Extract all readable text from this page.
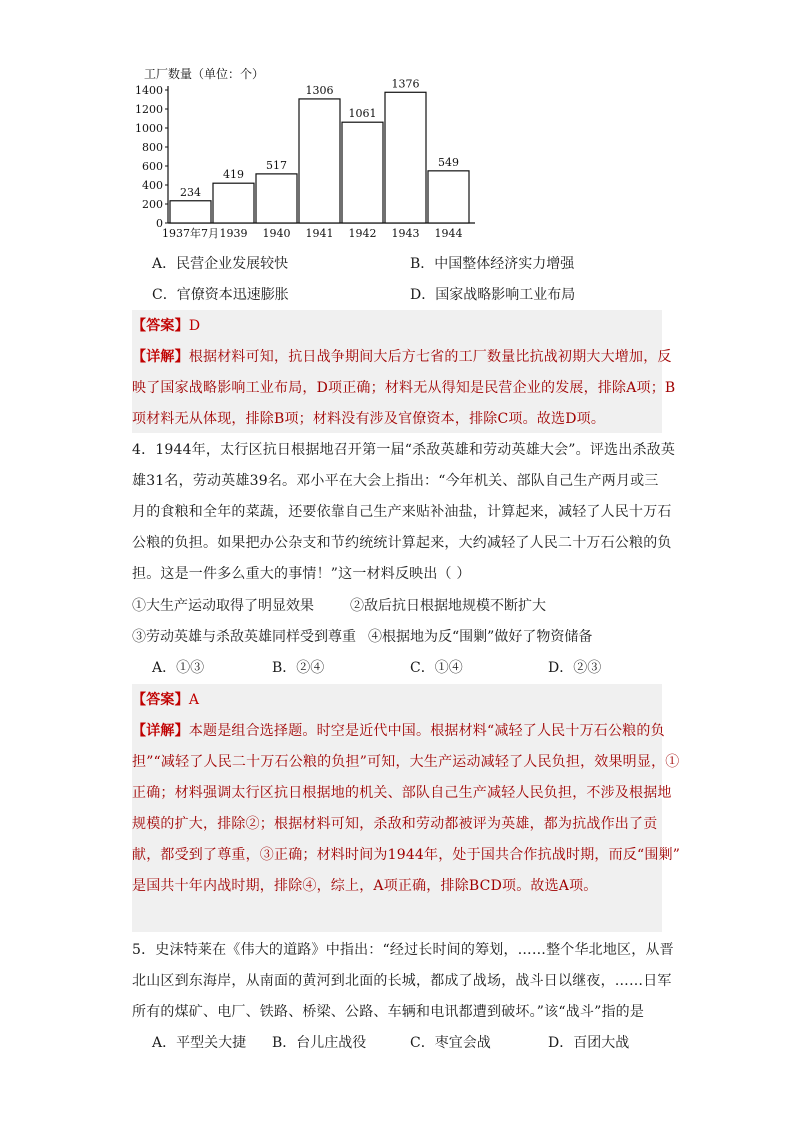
工厂数量（单位：个）
0
200
400
600
800
1000
1200
1400
234
1937年7月
419
1939
517
1940
1306
1941
1061
1942
1376
1943
549
1944
A．民营企业发展较快	B．中国整体经济实力增强
C．官僚资本迅速膨胀	D．国家战略影响工业布局
【答案】D
【详解】根据材料可知，抗日战争期间大后方七省的工厂数量比抗战初期大大增加，反
映了国家战略影响工业布局，D项正确；材料无从得知是民营企业的发展，排除A项；B
项材料无从体现，排除B项；材料没有涉及官僚资本，排除C项。故选D项。
4．1944年，太行区抗日根据地召开第一届“杀敌英雄和劳动英雄大会”。评选出杀敌英
雄31名，劳动英雄39名。邓小平在大会上指出：“今年机关、部队自己生产两月或三
月的食粮和全年的菜蔬，还要依靠自己生产来贴补油盐，计算起来，减轻了人民十万石
公粮的负担。如果把办公杂支和节约统统计算起来，大约减轻了人民二十万石公粮的负
担。这是一件多么重大的事情！”这一材料反映出（ ）
①大生产运动取得了明显效果	②敌后抗日根据地规模不断扩大
③劳动英雄与杀敌英雄同样受到尊重 ④根据地为反“围剿”做好了物资储备
A．①③	B．②④	C．①④	D．②③
【答案】A
【详解】本题是组合选择题。时空是近代中国。根据材料“减轻了人民十万石公粮的负
担”“减轻了人民二十万石公粮的负担”可知，大生产运动减轻了人民负担，效果明显，①
正确；材料强调太行区抗日根据地的机关、部队自己生产减轻人民负担，不涉及根据地
规模的扩大，排除②；根据材料可知，杀敌和劳动都被评为英雄，都为抗战作出了贡
献，都受到了尊重，③正确；材料时间为1944年，处于国共合作抗战时期，而反“围剿”
是国共十年内战时期，排除④，综上，A项正确，排除BCD项。故选A项。
5．史沫特莱在《伟大的道路》中指出：“经过长时间的筹划，……整个华北地区，从晋
北山区到东海岸，从南面的黄河到北面的长城，都成了战场，战斗日以继夜，……日军
所有的煤矿、电厂、铁路、桥梁、公路、车辆和电讯都遭到破坏。”该“战斗”指的是
A．平型关大捷 B．台儿庄战役	C．枣宜会战	D．百团大战
